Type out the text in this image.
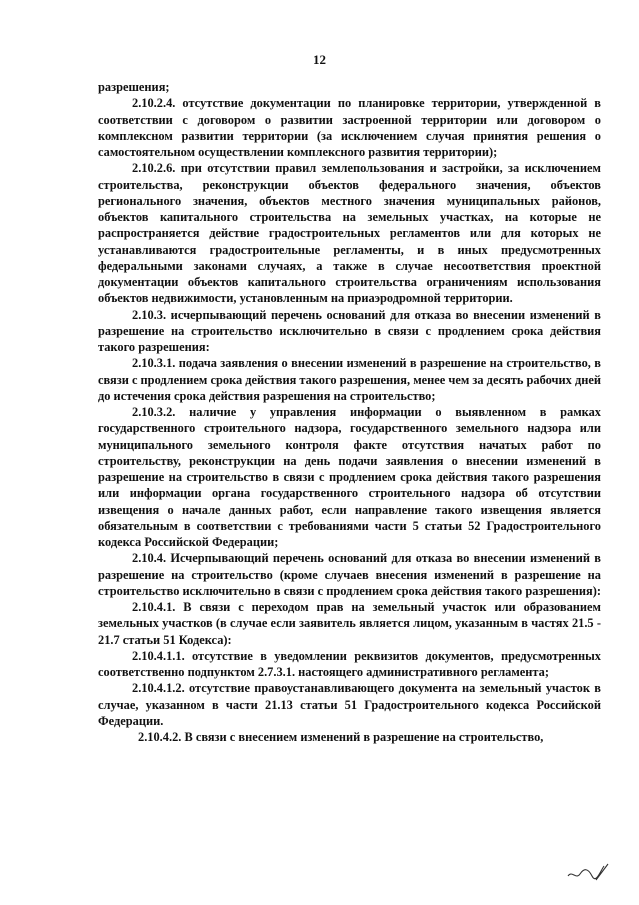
12

разрешения;

2.10.2.4. отсутствие документации по планировке территории, утвержденной в соответствии с договором о развитии застроенной территории или договором о комплексном развитии территории (за исключением случая принятия решения о самостоятельном осуществлении комплексного развития территории);

2.10.2.6. при отсутствии правил землепользования и застройки, за исключением строительства, реконструкции объектов федерального значения, объектов регионального значения, объектов местного значения муниципальных районов, объектов капитального строительства на земельных участках, на которые не распространяется действие градостроительных регламентов или для которых не устанавливаются градостроительные регламенты, и в иных предусмотренных федеральными законами случаях, а также в случае несоответствия проектной документации объектов капитального строительства ограничениям использования объектов недвижимости, установленным на приаэродромной территории.

2.10.3. исчерпывающий перечень оснований для отказа во внесении изменений в разрешение на строительство исключительно в связи с продлением срока действия такого разрешения:

2.10.3.1. подача заявления о внесении изменений в разрешение на строительство, в связи с продлением срока действия такого разрешения, менее чем за десять рабочих дней до истечения срока действия разрешения на строительство;

2.10.3.2. наличие у управления информации о выявленном в рамках государственного строительного надзора, государственного земельного надзора или муниципального земельного контроля факте отсутствия начатых работ по строительству, реконструкции на день подачи заявления о внесении изменений в разрешение на строительство в связи с продлением срока действия такого разрешения или информации органа государственного строительного надзора об отсутствии извещения о начале данных работ, если направление такого извещения является обязательным в соответствии с требованиями части 5 статьи 52 Градостроительного кодекса Российской Федерации;

2.10.4. Исчерпывающий перечень оснований для отказа во внесении изменений в разрешение на строительство (кроме случаев внесения изменений в разрешение на строительство исключительно в связи с продлением срока действия такого разрешения):

2.10.4.1. В связи с переходом прав на земельный участок или образованием земельных участков (в случае если заявитель является лицом, указанным в частях 21.5 - 21.7 статьи 51 Кодекса):

2.10.4.1.1. отсутствие в уведомлении реквизитов документов, предусмотренных соответственно подпунктом 2.7.3.1. настоящего административного регламента;

2.10.4.1.2. отсутствие правоустанавливающего документа на земельный участок в случае, указанном в части 21.13 статьи 51 Градостроительного кодекса Российской Федерации.

2.10.4.2. В связи с внесением изменений в разрешение на строительство,
